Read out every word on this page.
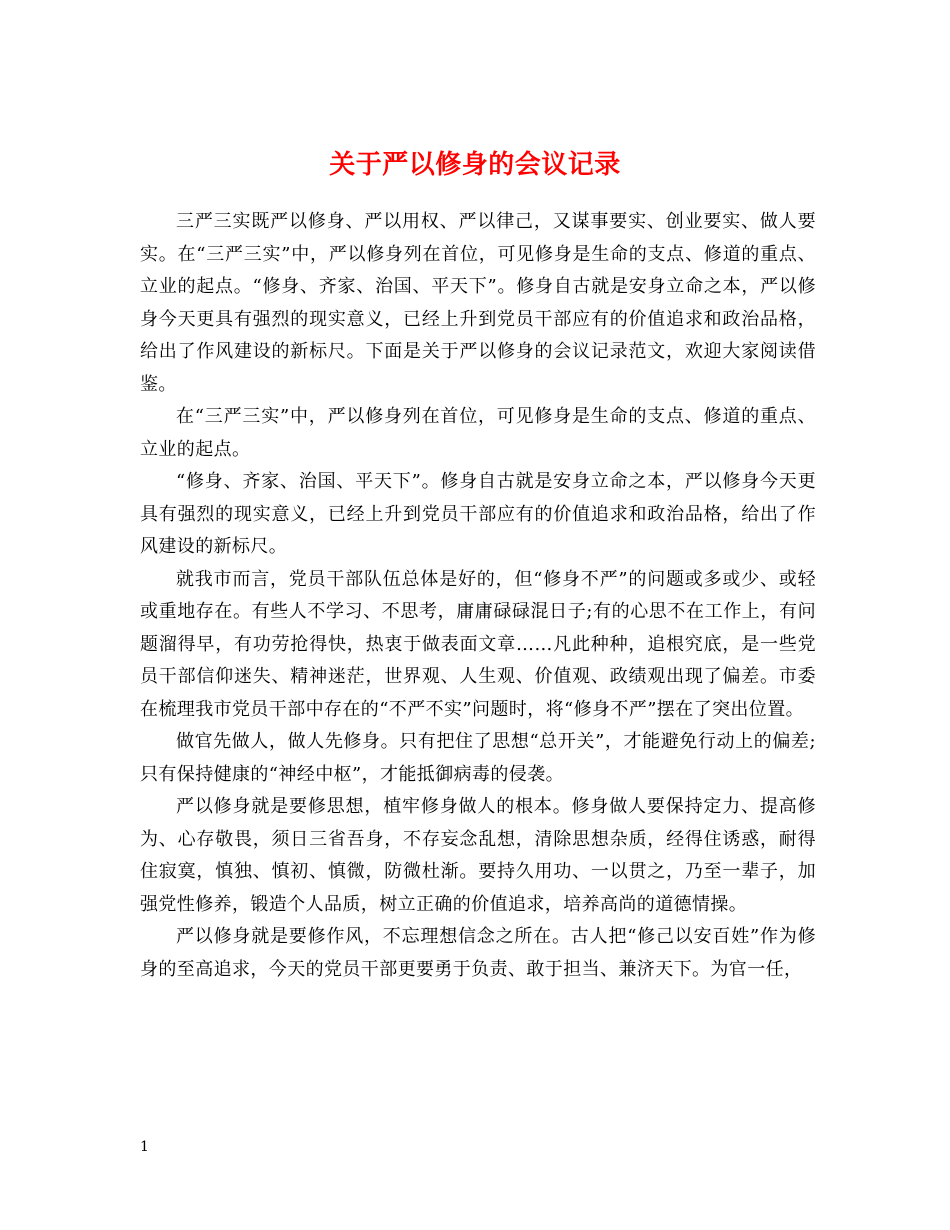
关于严以修身的会议记录

三严三实既严以修身、严以用权、严以律己，又谋事要实、创业要实、做人要实。在“三严三实”中，严以修身列在首位，可见修身是生命的支点、修道的重点、立业的起点。“修身、齐家、治国、平天下”。修身自古就是安身立命之本，严以修身今天更具有强烈的现实意义，已经上升到党员干部应有的价值追求和政治品格，给出了作风建设的新标尺。下面是关于严以修身的会议记录范文，欢迎大家阅读借鉴。

在“三严三实”中，严以修身列在首位，可见修身是生命的支点、修道的重点、立业的起点。

“修身、齐家、治国、平天下”。修身自古就是安身立命之本，严以修身今天更具有强烈的现实意义，已经上升到党员干部应有的价值追求和政治品格，给出了作风建设的新标尺。

就我市而言，党员干部队伍总体是好的，但“修身不严”的问题或多或少、或轻或重地存在。有些人不学习、不思考，庸庸碌碌混日子;有的心思不在工作上，有问题溜得早，有功劳抢得快，热衷于做表面文章……凡此种种，追根究底，是一些党员干部信仰迷失、精神迷茫，世界观、人生观、价值观、政绩观出现了偏差。市委在梳理我市党员干部中存在的“不严不实”问题时，将“修身不严”摆在了突出位置。

做官先做人，做人先修身。只有把住了思想“总开关”，才能避免行动上的偏差;只有保持健康的“神经中枢”，才能抵御病毒的侵袭。

严以修身就是要修思想，植牢修身做人的根本。修身做人要保持定力、提高修为、心存敬畏，须日三省吾身，不存妄念乱想，清除思想杂质，经得住诱惑，耐得住寂寞，慎独、慎初、慎微，防微杜渐。要持久用功、一以贯之，乃至一辈子，加强党性修养，锻造个人品质，树立正确的价值追求，培养高尚的道德情操。

严以修身就是要修作风，不忘理想信念之所在。古人把“修己以安百姓”作为修身的至高追求，今天的党员干部更要勇于负责、敢于担当、兼济天下。为官一任，

1
